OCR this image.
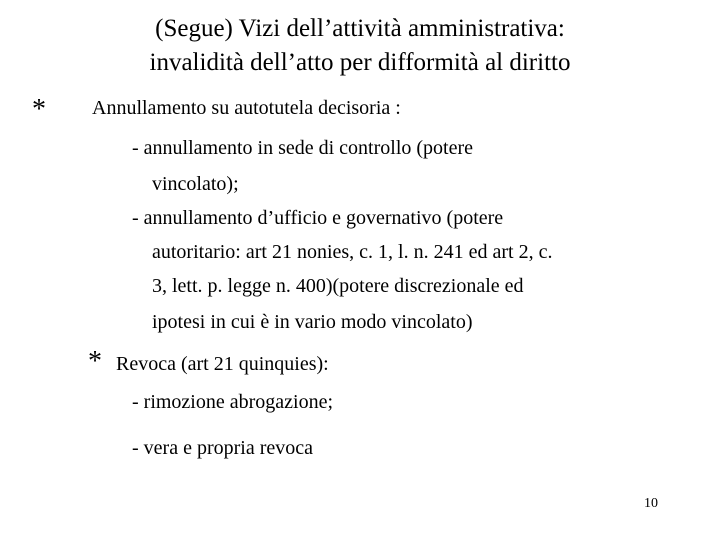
(Segue) Vizi dell’attività amministrativa:
invalidità dell’atto per difformità al diritto
* Annullamento su autotutela decisoria :
- annullamento in sede di controllo (potere
vincolato);
- annullamento d’ufficio e governativo (potere
autoritario: art 21 nonies, c. 1, l. n. 241 ed art 2, c.
3, lett. p. legge n. 400)(potere discrezionale ed
ipotesi in cui è in vario modo vincolato)
* Revoca (art 21 quinquies):
- rimozione abrogazione;
- vera e propria revoca
10
